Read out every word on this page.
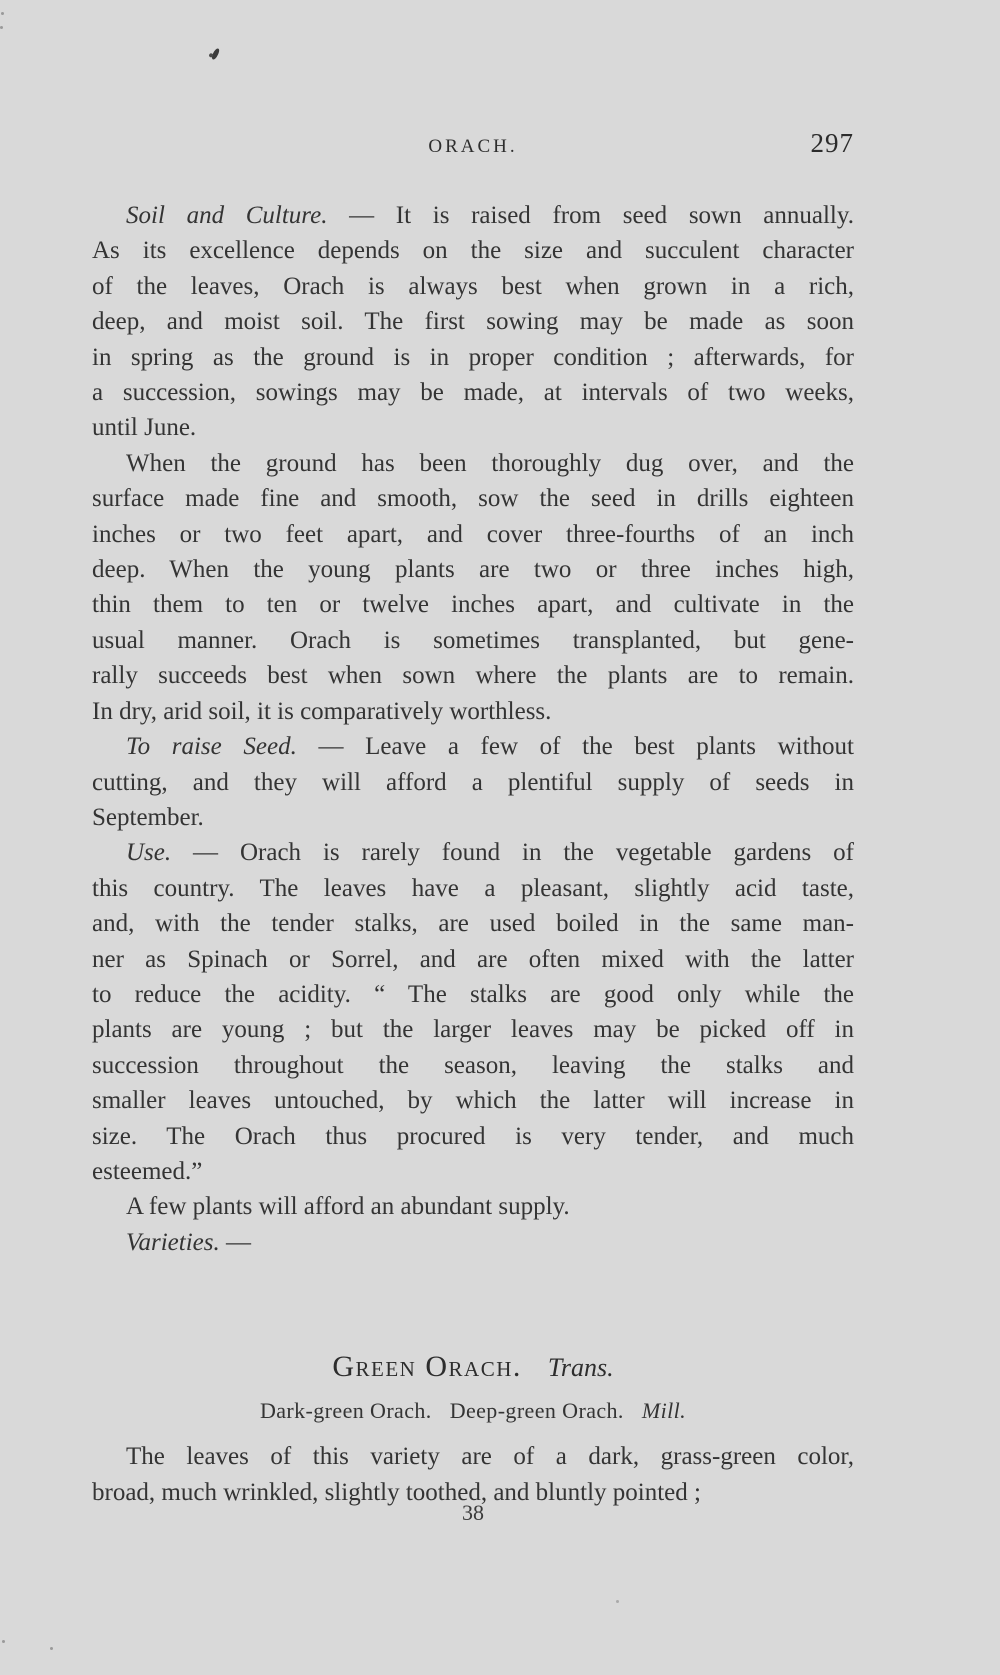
ORACH.	297
Soil and Culture. — It is raised from seed sown annually.
As its excellence depends on the size and succulent character
of the leaves, Orach is always best when grown in a rich,
deep, and moist soil. The first sowing may be made as soon
in spring as the ground is in proper condition ; afterwards, for
a succession, sowings may be made, at intervals of two weeks,
until June.
When the ground has been thoroughly dug over, and the
surface made fine and smooth, sow the seed in drills eighteen
inches or two feet apart, and cover three-fourths of an inch
deep. When the young plants are two or three inches high,
thin them to ten or twelve inches apart, and cultivate in the
usual manner. Orach is sometimes transplanted, but gene-
rally succeeds best when sown where the plants are to remain.
In dry, arid soil, it is comparatively worthless.
To raise Seed. — Leave a few of the best plants without
cutting, and they will afford a plentiful supply of seeds in
September.
Use. — Orach is rarely found in the vegetable gardens of
this country. The leaves have a pleasant, slightly acid taste,
and, with the tender stalks, are used boiled in the same man-
ner as Spinach or Sorrel, and are often mixed with the latter
to reduce the acidity. “ The stalks are good only while the
plants are young ; but the larger leaves may be picked off in
succession throughout the season, leaving the stalks and
smaller leaves untouched, by which the latter will increase in
size. The Orach thus procured is very tender, and much
esteemed.”
A few plants will afford an abundant supply.
Varieties. —
Green Orach. Trans.

Dark-green Orach. Deep-green Orach. Mill.

The leaves of this variety are of a dark, grass-green color,
broad, much wrinkled, slightly toothed, and bluntly pointed ;
38
